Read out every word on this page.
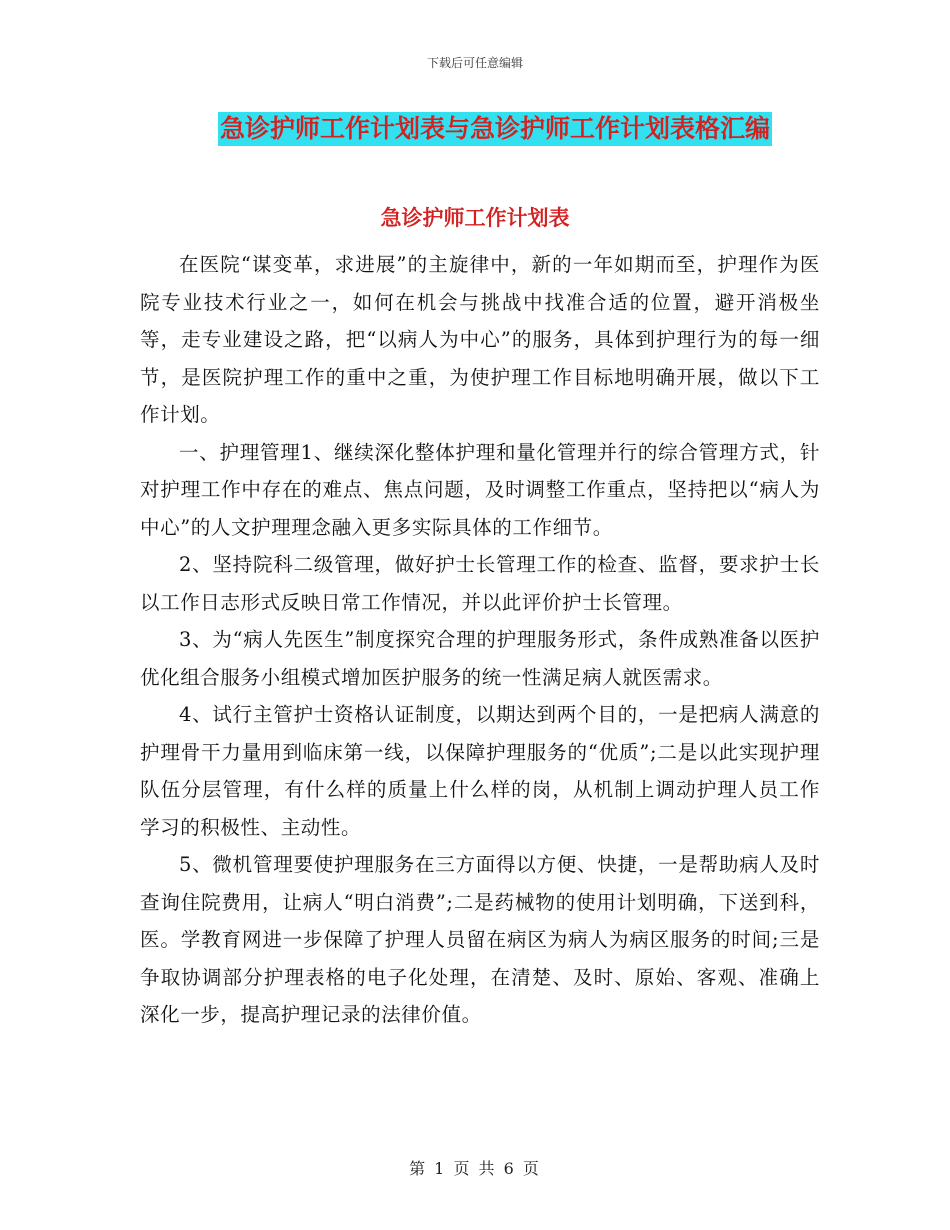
下载后可任意编辑
急诊护师工作计划表与急诊护师工作计划表格汇编
急诊护师工作计划表

在医院“谋变革，求进展”的主旋律中，新的一年如期而至，护理作为医院专业技术行业之一，如何在机会与挑战中找准合适的位置，避开消极坐等，走专业建设之路，把“以病人为中心”的服务，具体到护理行为的每一细节，是医院护理工作的重中之重，为使护理工作目标地明确开展，做以下工作计划。

一、护理管理1、继续深化整体护理和量化管理并行的综合管理方式，针对护理工作中存在的难点、焦点问题，及时调整工作重点，坚持把以“病人为中心”的人文护理理念融入更多实际具体的工作细节。

2、坚持院科二级管理，做好护士长管理工作的检查、监督，要求护士长以工作日志形式反映日常工作情况，并以此评价护士长管理。

3、为“病人先医生”制度探究合理的护理服务形式，条件成熟准备以医护优化组合服务小组模式增加医护服务的统一性满足病人就医需求。

4、试行主管护士资格认证制度，以期达到两个目的，一是把病人满意的护理骨干力量用到临床第一线，以保障护理服务的“优质”;二是以此实现护理队伍分层管理，有什么样的质量上什么样的岗，从机制上调动护理人员工作学习的积极性、主动性。

5、微机管理要使护理服务在三方面得以方便、快捷，一是帮助病人及时查询住院费用，让病人“明白消费”;二是药械物的使用计划明确，下送到科，医。学教育网进一步保障了护理人员留在病区为病人为病区服务的时间;三是争取协调部分护理表格的电子化处理，在清楚、及时、原始、客观、准确上深化一步，提高护理记录的法律价值。

第 1 页 共 6 页
